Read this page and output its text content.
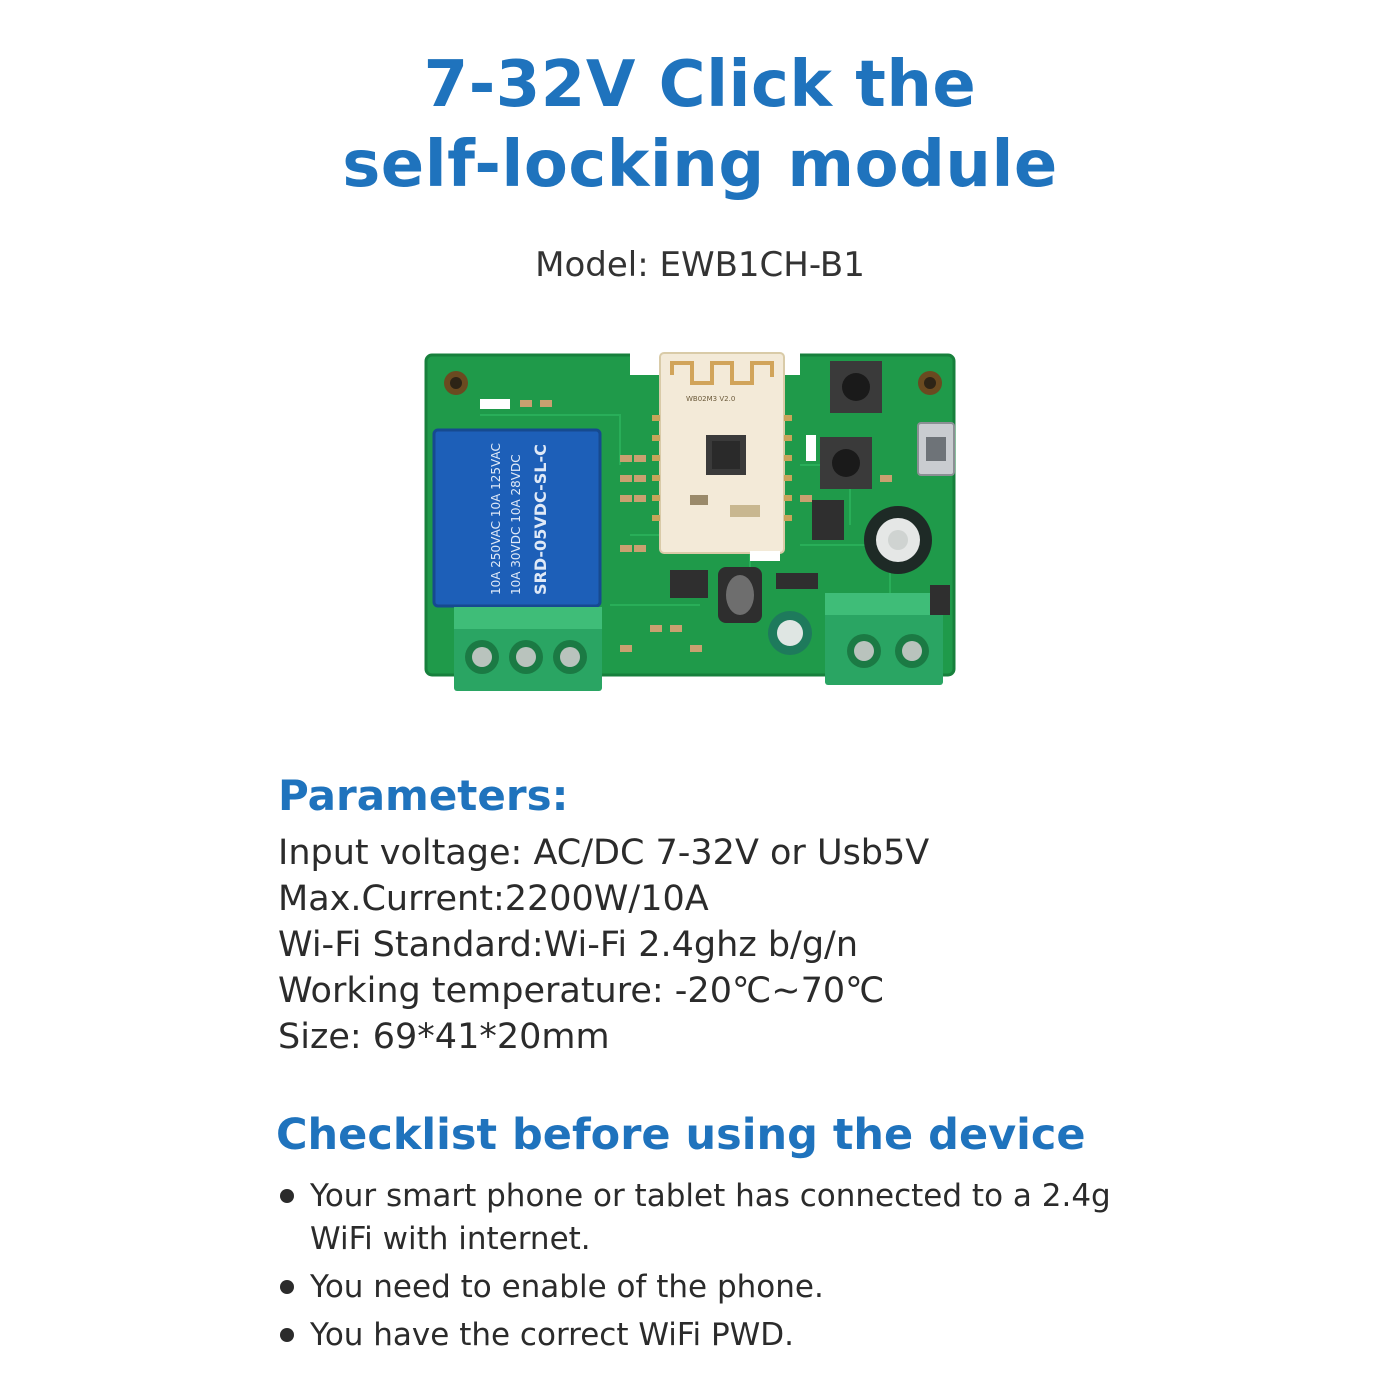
7-32V Click the
self-locking module
Model: EWB1CH-B1
WB02M3 V2.0
10A 250VAC 10A 125VAC 10A 30VDC 10A 28VDC SRD-05VDC-SL-C
Parameters:
Input voltage: AC/DC 7-32V or Usb5V
Max.Current:2200W/10A
Wi-Fi Standard:Wi-Fi 2.4ghz b/g/n
Working temperature: -20℃~70℃
Size: 69*41*20mm
Checklist before using the device
Your smart phone or tablet has connected to a 2.4g WiFi with internet.
You need to enable of the phone.
You have the correct WiFi PWD.
